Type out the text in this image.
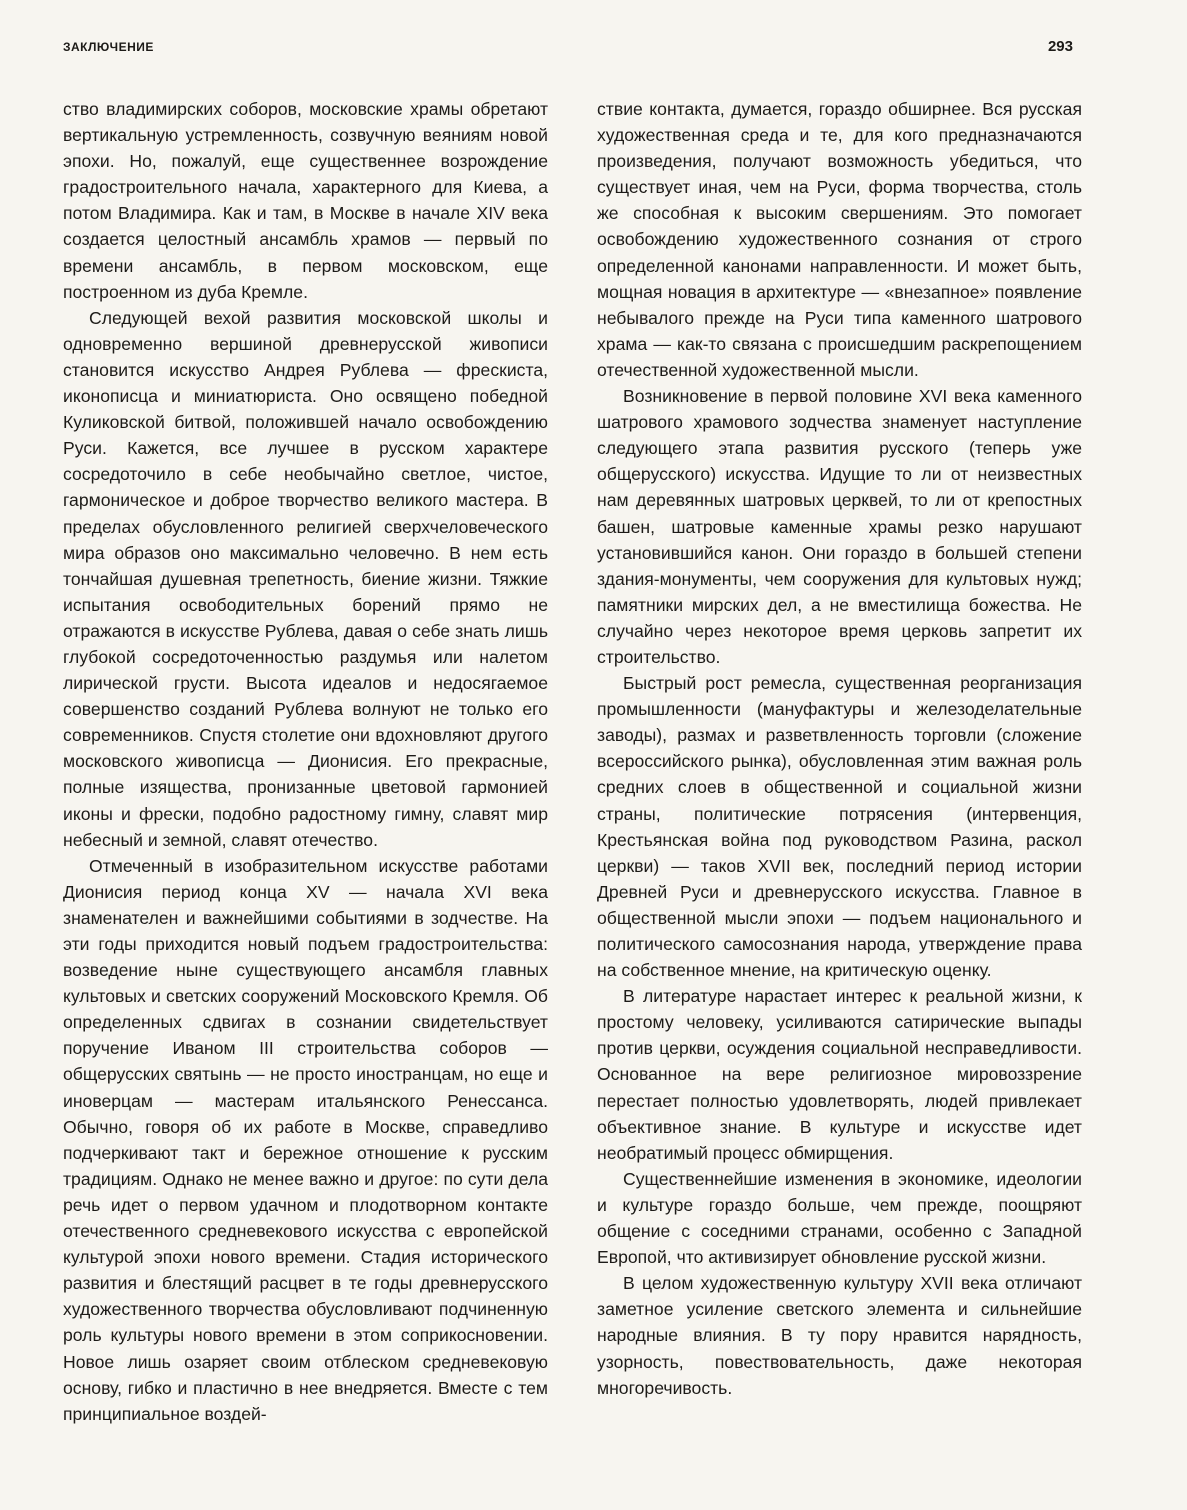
ЗАКЛЮЧЕНИЕ	293

ство владимирских соборов, московские храмы обретают вертикальную устремленность, созвучную веяниям новой эпохи. Но, пожалуй, еще существеннее возрождение градостроительного начала, характерного для Киева, а потом Владимира. Как и там, в Москве в начале XIV века создается целостный ансамбль храмов — первый по времени ансамбль, в первом московском, еще построенном из дуба Кремле.

Следующей вехой развития московской школы и одновременно вершиной древнерусской живописи становится искусство Андрея Рублева — фрескиста, иконописца и миниатюриста. Оно освящено победной Куликовской битвой, положившей начало освобождению Руси. Кажется, все лучшее в русском характере сосредоточило в себе необычайно светлое, чистое, гармоническое и доброе творчество великого мастера. В пределах обусловленного религией сверхчеловеческого мира образов оно максимально человечно. В нем есть тончайшая душевная трепетность, биение жизни. Тяжкие испытания освободительных борений прямо не отражаются в искусстве Рублева, давая о себе знать лишь глубокой сосредоточенностью раздумья или налетом лирической грусти. Высота идеалов и недосягаемое совершенство созданий Рублева волнуют не только его современников. Спустя столетие они вдохновляют другого московского живописца — Дионисия. Его прекрасные, полные изящества, пронизанные цветовой гармонией иконы и фрески, подобно радостному гимну, славят мир небесный и земной, славят отечество.

Отмеченный в изобразительном искусстве работами Дионисия период конца XV — начала XVI века знаменателен и важнейшими событиями в зодчестве. На эти годы приходится новый подъем градостроительства: возведение ныне существующего ансамбля главных культовых и светских сооружений Московского Кремля. Об определенных сдвигах в сознании свидетельствует поручение Иваном III строительства соборов — общерусских святынь — не просто иностранцам, но еще и иноверцам — мастерам итальянского Ренессанса. Обычно, говоря об их работе в Москве, справедливо подчеркивают такт и бережное отношение к русским традициям. Однако не менее важно и другое: по сути дела речь идет о первом удачном и плодотворном контакте отечественного средневекового искусства с европейской культурой эпохи нового времени. Стадия исторического развития и блестящий расцвет в те годы древнерусского художественного творчества обусловливают подчиненную роль культуры нового времени в этом соприкосновении. Новое лишь озаряет своим отблеском средневековую основу, гибко и пластично в нее внедряется. Вместе с тем принципиальное воздей-

ствие контакта, думается, гораздо обширнее. Вся русская художественная среда и те, для кого предназначаются произведения, получают возможность убедиться, что существует иная, чем на Руси, форма творчества, столь же способная к высоким свершениям. Это помогает освобождению художественного сознания от строго определенной канонами направленности. И может быть, мощная новация в архитектуре — «внезапное» появление небывалого прежде на Руси типа каменного шатрового храма — как-то связана с происшедшим раскрепощением отечественной художественной мысли.

Возникновение в первой половине XVI века каменного шатрового храмового зодчества знаменует наступление следующего этапа развития русского (теперь уже общерусского) искусства. Идущие то ли от неизвестных нам деревянных шатровых церквей, то ли от крепостных башен, шатровые каменные храмы резко нарушают установившийся канон. Они гораздо в большей степени здания-монументы, чем сооружения для культовых нужд; памятники мирских дел, а не вместилища божества. Не случайно через некоторое время церковь запретит их строительство.

Быстрый рост ремесла, существенная реорганизация промышленности (мануфактуры и железоделательные заводы), размах и разветвленность торговли (сложение всероссийского рынка), обусловленная этим важная роль средних слоев в общественной и социальной жизни страны, политические потрясения (интервенция, Крестьянская война под руководством Разина, раскол церкви) — таков XVII век, последний период истории Древней Руси и древнерусского искусства. Главное в общественной мысли эпохи — подъем национального и политического самосознания народа, утверждение права на собственное мнение, на критическую оценку.

В литературе нарастает интерес к реальной жизни, к простому человеку, усиливаются сатирические выпады против церкви, осуждения социальной несправедливости. Основанное на вере религиозное мировоззрение перестает полностью удовлетворять, людей привлекает объективное знание. В культуре и искусстве идет необратимый процесс обмирщения.

Существеннейшие изменения в экономике, идеологии и культуре гораздо больше, чем прежде, поощряют общение с соседними странами, особенно с Западной Европой, что активизирует обновление русской жизни.

В целом художественную культуру XVII века отличают заметное усиление светского элемента и сильнейшие народные влияния. В ту пору нравится нарядность, узорность, повествовательность, даже некоторая многоречивость.
